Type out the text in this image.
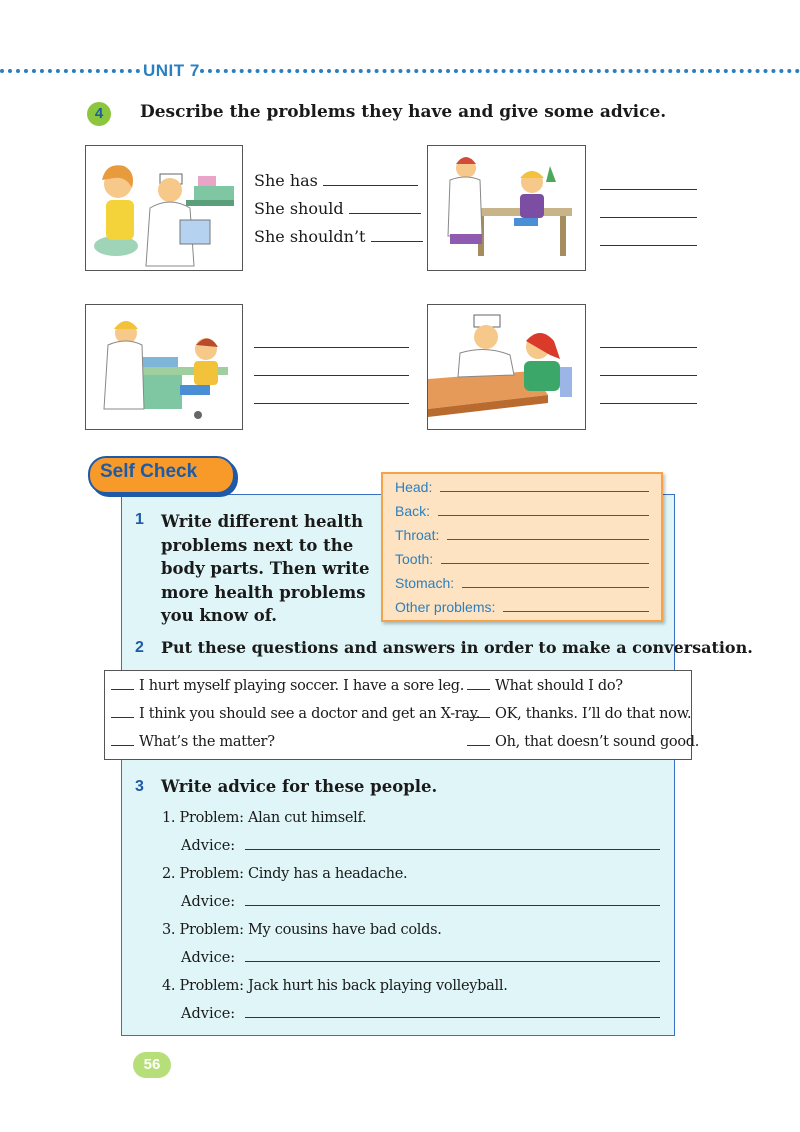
UNIT 7
4	Describe the problems they have and give some advice.
She has
She should
She shouldn’t
Self Check
1 Write different health problems next to the body parts. Then write more health problems you know of.
Head:
Back:
Throat:
Tooth:
Stomach:
Other problems:
2 Put these questions and answers in order to make a conversation.
I hurt myself playing soccer. I have a sore leg.
I think you should see a doctor and get an X-ray.
What’s the matter?
What should I do?
OK, thanks. I’ll do that now.
Oh, that doesn’t sound good.
3 Write advice for these people.
1. Problem: Alan cut himself.
Advice:
2. Problem: Cindy has a headache.
Advice:
3. Problem: My cousins have bad colds.
Advice:
4. Problem: Jack hurt his back playing volleyball.
Advice:
56
